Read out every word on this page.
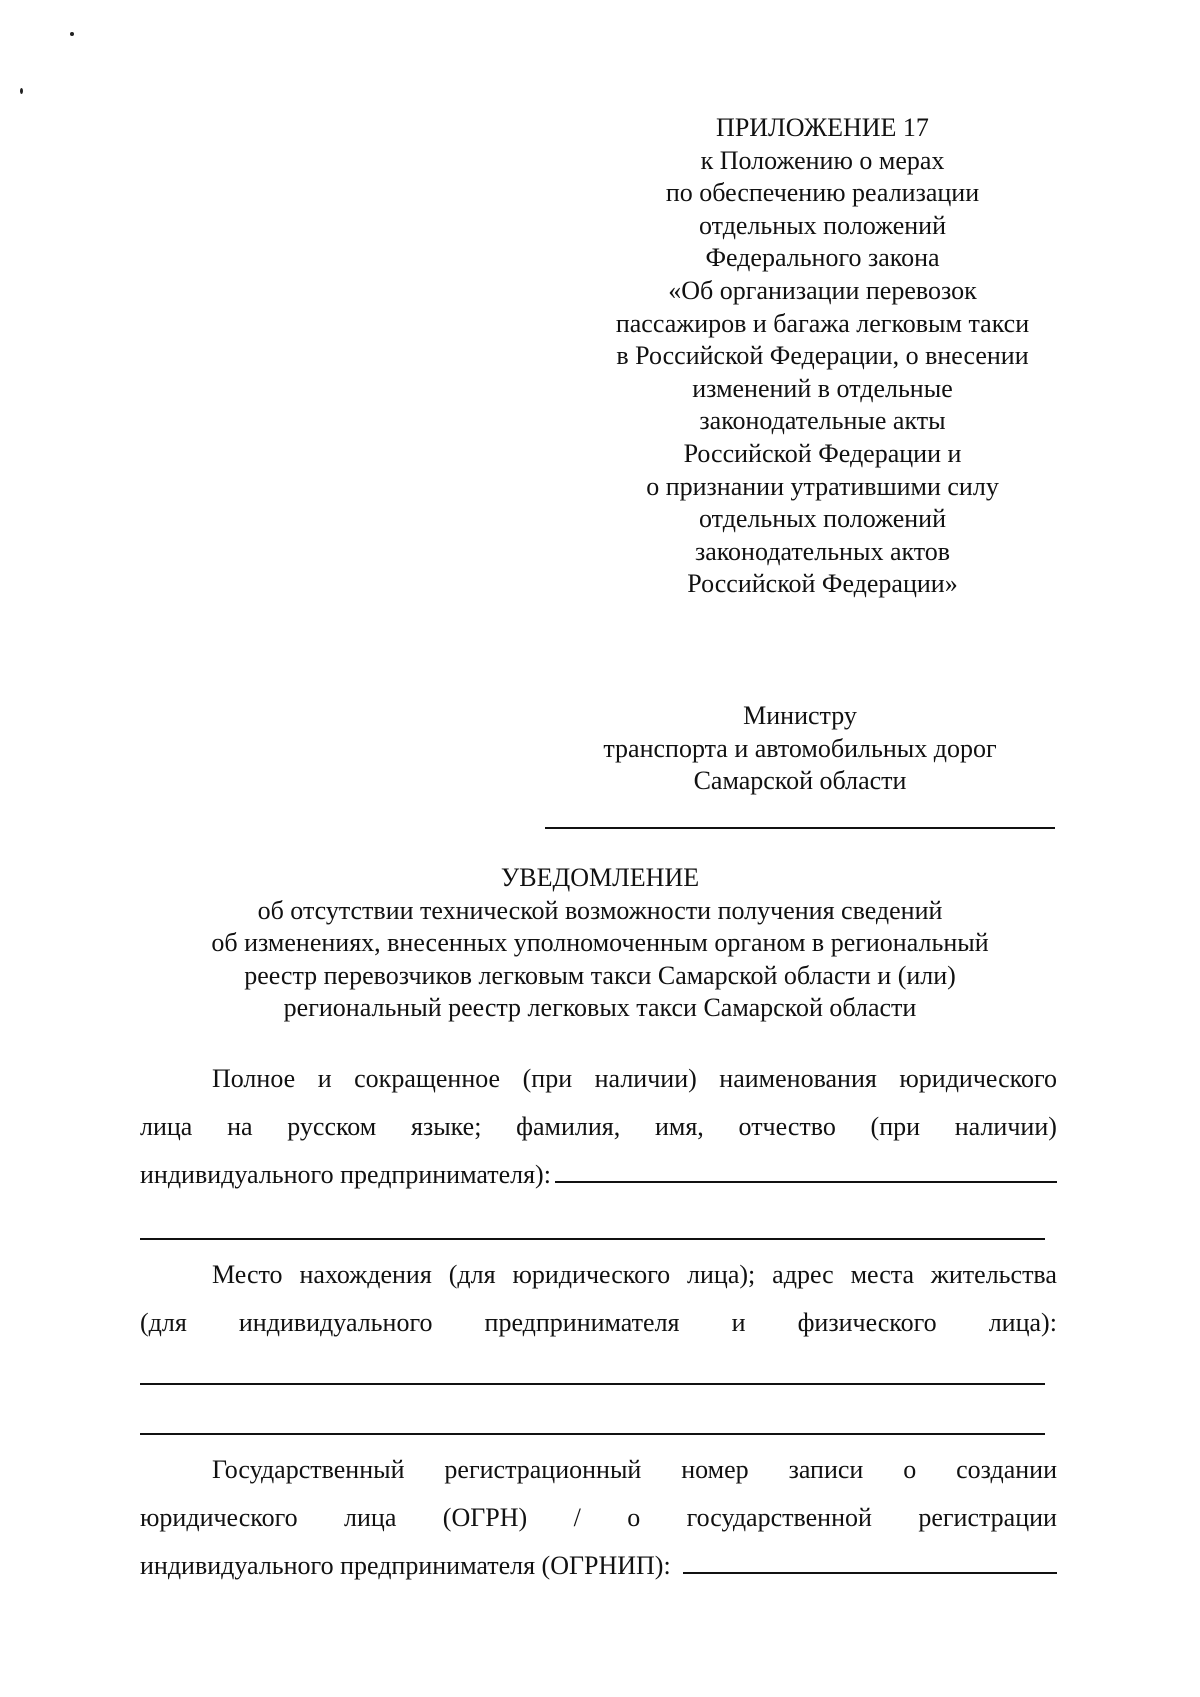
ПРИЛОЖЕНИЕ 17
к Положению о мерах
по обеспечению реализации
отдельных положений
Федерального закона
«Об организации перевозок
пассажиров и багажа легковым такси
в Российской Федерации, о внесении
изменений в отдельные
законодательные акты
Российской Федерации и
о признании утратившими силу
отдельных положений
законодательных актов
Российской Федерации»
Министру
транспорта и автомобильных дорог
Самарской области
УВЕДОМЛЕНИЕ
об отсутствии технической возможности получения сведений
об изменениях, внесенных уполномоченным органом в региональный
реестр перевозчиков легковым такси Самарской области и (или)
региональный реестр легковых такси Самарской области
Полное и сокращенное (при наличии) наименования юридического
лица на русском языке; фамилия, имя, отчество (при наличии)
индивидуального предпринимателя):
Место нахождения (для юридического лица); адрес места жительства
(для индивидуального предпринимателя и физического лица):
Государственный регистрационный номер записи о создании
юридического лица (ОГРН) / о государственной регистрации
индивидуального предпринимателя (ОГРНИП):
